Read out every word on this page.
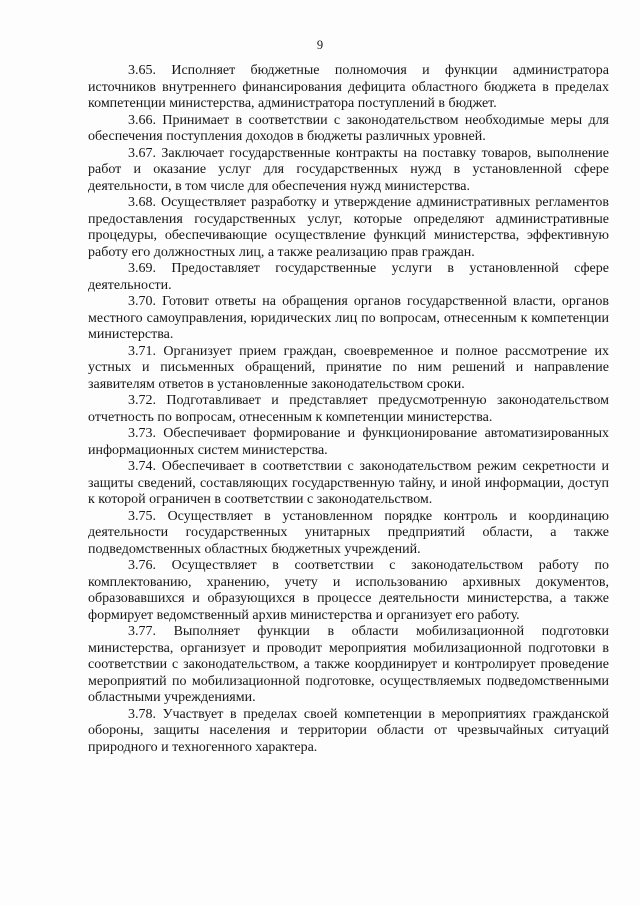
9

3.65. Исполняет бюджетные полномочия и функции администратора источников внутреннего финансирования дефицита областного бюджета в пределах компетенции министерства, администратора поступлений в бюджет.

3.66. Принимает в соответствии с законодательством необходимые меры для обеспечения поступления доходов в бюджеты различных уровней.

3.67. Заключает государственные контракты на поставку товаров, выполнение работ и оказание услуг для государственных нужд в установленной сфере деятельности, в том числе для обеспечения нужд министерства.

3.68. Осуществляет разработку и утверждение административных регламентов предоставления государственных услуг, которые определяют административные процедуры, обеспечивающие осуществление функций министерства, эффективную работу его должностных лиц, а также реализацию прав граждан.

3.69. Предоставляет государственные услуги в установленной сфере деятельности.

3.70. Готовит ответы на обращения органов государственной власти, органов местного самоуправления, юридических лиц по вопросам, отнесенным к компетенции министерства.

3.71. Организует прием граждан, своевременное и полное рассмотрение их устных и письменных обращений, принятие по ним решений и направление заявителям ответов в установленные законодательством сроки.

3.72. Подготавливает и представляет предусмотренную законодательством отчетность по вопросам, отнесенным к компетенции министерства.

3.73. Обеспечивает формирование и функционирование автоматизированных информационных систем министерства.

3.74. Обеспечивает в соответствии с законодательством режим секретности и защиты сведений, составляющих государственную тайну, и иной информации, доступ к которой ограничен в соответствии с законодательством.

3.75. Осуществляет в установленном порядке контроль и координацию деятельности государственных унитарных предприятий области, а также подведомственных областных бюджетных учреждений.

3.76. Осуществляет в соответствии с законодательством работу по комплектованию, хранению, учету и использованию архивных документов, образовавшихся и образующихся в процессе деятельности министерства, а также формирует ведомственный архив министерства и организует его работу.

3.77. Выполняет функции в области мобилизационной подготовки министерства, организует и проводит мероприятия мобилизационной подготовки в соответствии с законодательством, а также координирует и контролирует проведение мероприятий по мобилизационной подготовке, осуществляемых подведомственными областными учреждениями.

3.78. Участвует в пределах своей компетенции в мероприятиях гражданской обороны, защиты населения и территории области от чрезвычайных ситуаций природного и техногенного характера.
